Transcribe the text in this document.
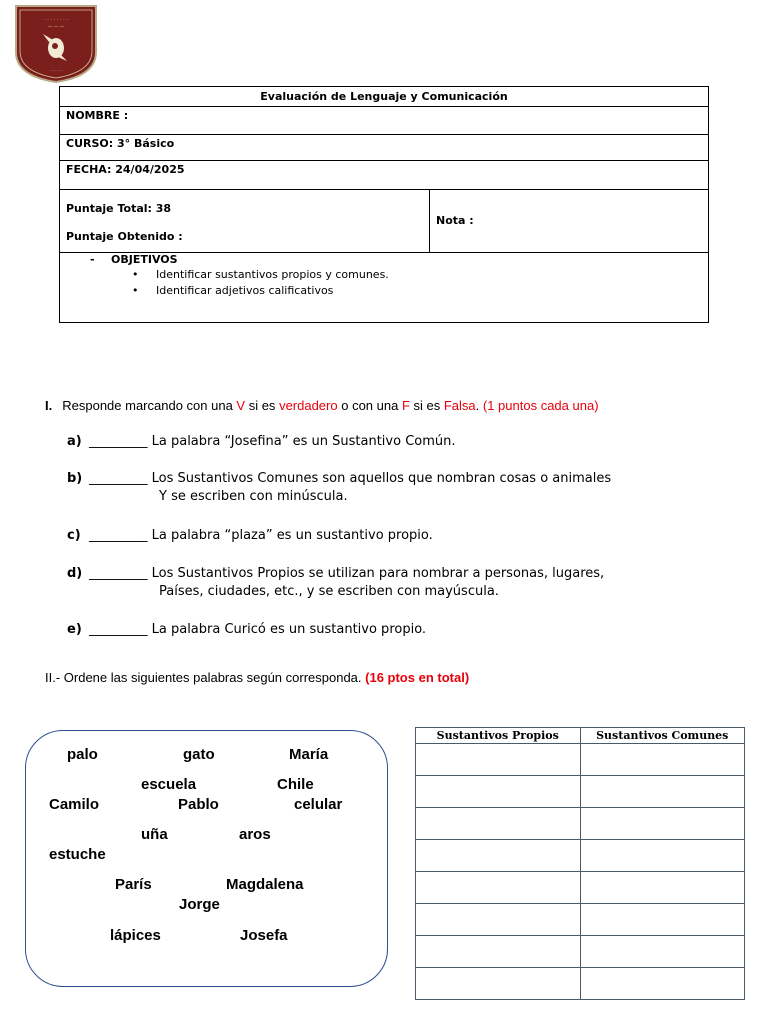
· · · · · · · ·
— — —
· · · · ·
Evaluación de Lenguaje y Comunicación
NOMBRE :
CURSO: 3° Básico
FECHA: 24/04/2025
Puntaje Total: 38
Puntaje Obtenido :
Nota :
- OBJETIVOS
• Identificar sustantivos propios y comunes.
• Identificar adjetivos calificativos
I. Responde marcando con una V si es verdadero o con una F si es Falsa. (1 puntos cada una)
a) _________ La palabra “Josefina” es un Sustantivo Común.
b) _________ Los Sustantivos Comunes son aquellos que nombran cosas o animales
Y se escriben con minúscula.
c) _________ La palabra “plaza” es un sustantivo propio.
d) _________ Los Sustantivos Propios se utilizan para nombrar a personas, lugares,
Países, ciudades, etc., y se escriben con mayúscula.
e) _________ La palabra Curicó es un sustantivo propio.
II.- Ordene las siguientes palabras según corresponda. (16 ptos en total)
palo	gato	María
escuela	Chile
Camilo	Pablo	celular
uña	aros
estuche
París	Magdalena
Jorge
lápices	Josefa
Sustantivos Propios	Sustantivos Comunes
